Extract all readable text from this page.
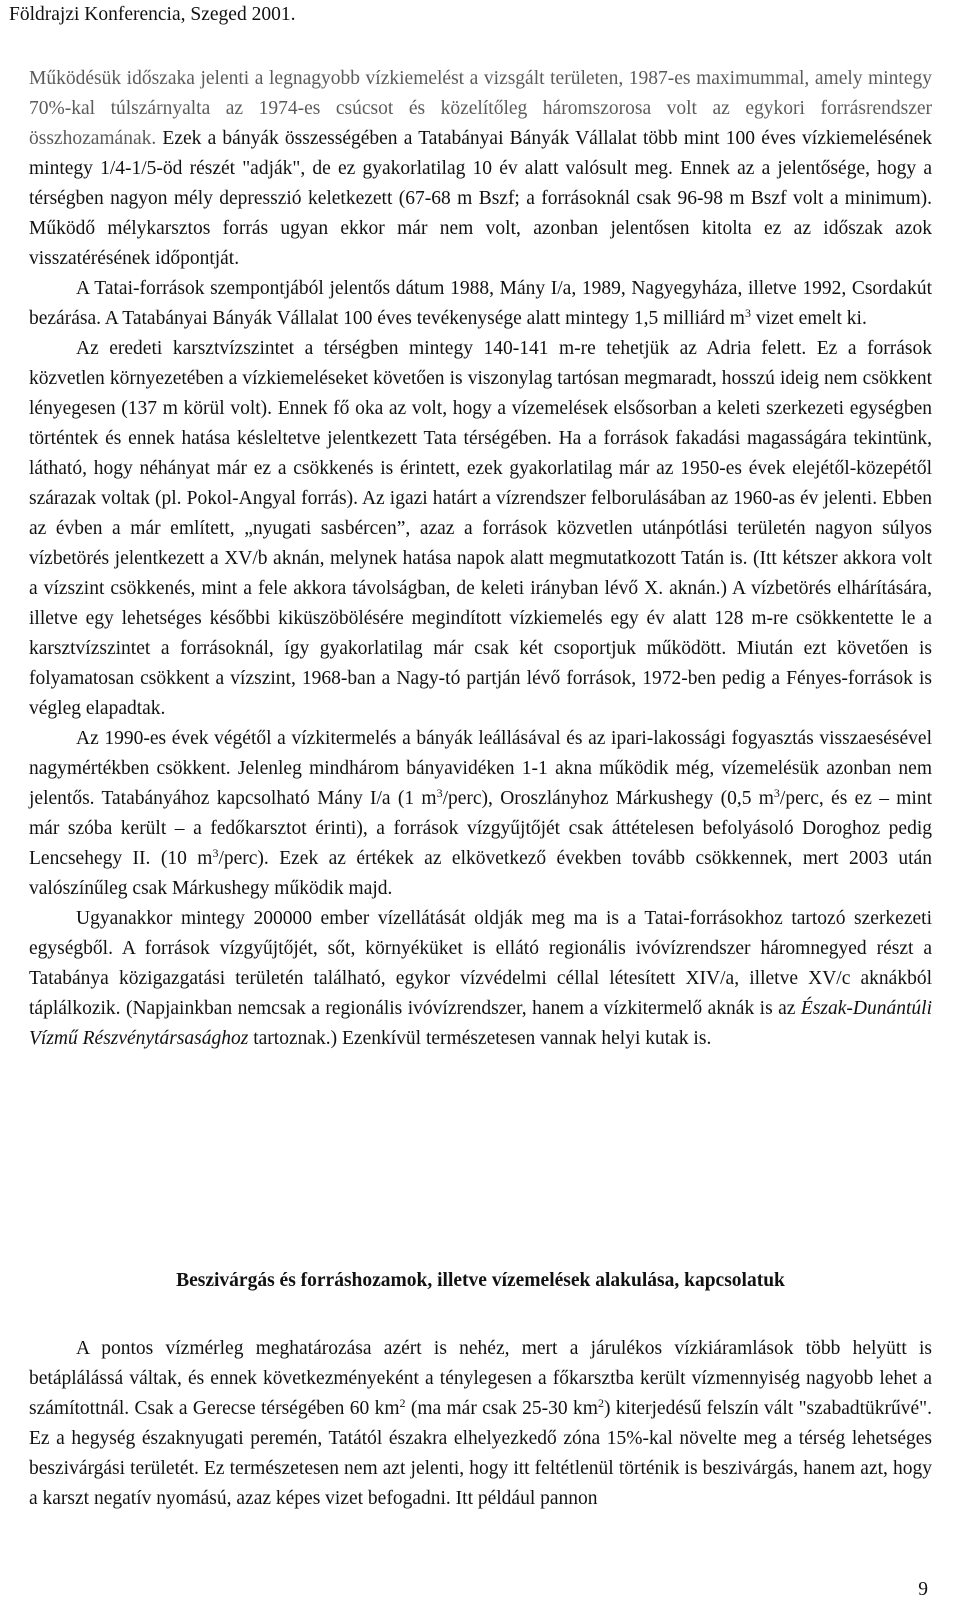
Földrajzi Konferencia, Szeged 2001.

Működésük időszaka jelenti a legnagyobb vízkiemelést a vizsgált területen, 1987-es maximummal, amely mintegy 70%-kal túlszárnyalta az 1974-es csúcsot és közelítőleg háromszorosa volt az egykori forrásrendszer összhozamának. Ezek a bányák összességében a Tatabányai Bányák Vállalat több mint 100 éves vízkiemelésének mintegy 1/4-1/5-öd részét "adják", de ez gyakorlatilag 10 év alatt valósult meg. Ennek az a jelentősége, hogy a térségben nagyon mély depresszió keletkezett (67-68 m Bszf; a forrásoknál csak 96-98 m Bszf volt a minimum). Működő mélykarsztos forrás ugyan ekkor már nem volt, azonban jelentősen kitolta ez az időszak azok visszatérésének időpontját.

A Tatai-források szempontjából jelentős dátum 1988, Mány I/a, 1989, Nagyegyháza, illetve 1992, Csordakút bezárása. A Tatabányai Bányák Vállalat 100 éves tevékenysége alatt mintegy 1,5 milliárd $m^3$ vizet emelt ki.

Az eredeti karsztvízszintet a térségben mintegy 140-141 m-re tehetjük az Adria felett. Ez a források közvetlen környezetében a vízkiemeléseket követően is viszonylag tartósan megmaradt, hosszú ideig nem csökkent lényegesen (137 m körül volt). Ennek fő oka az volt, hogy a vízemelések elsősorban a keleti szerkezeti egységben történtek és ennek hatása késleltetve jelentkezett Tata térségében. Ha a források fakadási magasságára tekintünk, látható, hogy néhányat már ez a csökkenés is érintett, ezek gyakorlatilag már az 1950-es évek elejétől-közepétől szárazak voltak (pl. Pokol-Angyal forrás). Az igazi határt a vízrendszer felborulásában az 1960-as év jelenti. Ebben az évben a már említett, „nyugati sasbércen”, azaz a források közvetlen utánpótlási területén nagyon súlyos vízbetörés jelentkezett a XV/b aknán, melynek hatása napok alatt megmutatkozott Tatán is. (Itt kétszer akkora volt a vízszint csökkenés, mint a fele akkora távolságban, de keleti irányban lévő X. aknán.) A vízbetörés elhárítására, illetve egy lehetséges későbbi kiküszöbölésére megindított vízkiemelés egy év alatt 128 m-re csökkentette le a karsztvízszintet a forrásoknál, így gyakorlatilag már csak két csoportjuk működött. Miután ezt követően is folyamatosan csökkent a vízszint, 1968-ban a Nagy-tó partján lévő források, 1972-ben pedig a Fényes-források is végleg elapadtak.

Az 1990-es évek végétől a vízkitermelés a bányák leállásával és az ipari-lakossági fogyasztás visszaesésével nagymértékben csökkent. Jelenleg mindhárom bányavidéken 1-1 akna működik még, vízemelésük azonban nem jelentős. Tatabányához kapcsolható Mány I/a (1 $m^3/perc$), Oroszlányhoz Márkushegy (0,5 $m^3$/perc, és ez – mint már szóba került – a fedőkarsztot érinti), a források vízgyűjtőjét csak áttételesen befolyásoló Doroghoz pedig Lencsehegy II. (10 $m^3/perc$). Ezek az értékek az elkövetkező években tovább csökkennek, mert 2003 után valószínűleg csak Márkushegy működik majd.

Ugyanakkor mintegy 200000 ember vízellátását oldják meg ma is a Tatai-forrásokhoz tartozó szerkezeti egységből. A források vízgyűjtőjét, sőt, környéküket is ellátó regionális ivóvízrendszer háromnegyed részt a Tatabánya közigazgatási területén található, egykor vízvédelmi céllal létesített XIV/a, illetve XV/c aknákból táplálkozik. (Napjainkban nemcsak a regionális ivóvízrendszer, hanem a vízkitermelő aknák is az Észak-Dunántúli Vízmű Részvénytársasághoz tartoznak.) Ezenkívül természetesen vannak helyi kutak is.

Beszivárgás és forráshozamok, illetve vízemelések alakulása, kapcsolatuk

A pontos vízmérleg meghatározása azért is nehéz, mert a járulékos vízkiáramlások több helyütt is betáplálássá váltak, és ennek következményeként a ténylegesen a főkarsztba került vízmennyiség nagyobb lehet a számítottnál. Csak a Gerecse térségében 60 $km^2$ (ma már csak 25-30 $km^2$) kiterjedésű felszín vált "szabadtükrűvé". Ez a hegység északnyugati peremén, Tatától északra elhelyezkedő zóna 15%-kal növelte meg a térség lehetséges beszivárgási területét. Ez természetesen nem azt jelenti, hogy itt feltétlenül történik is beszivárgás, hanem azt, hogy a karszt negatív nyomású, azaz képes vizet befogadni. Itt például pannon

9
